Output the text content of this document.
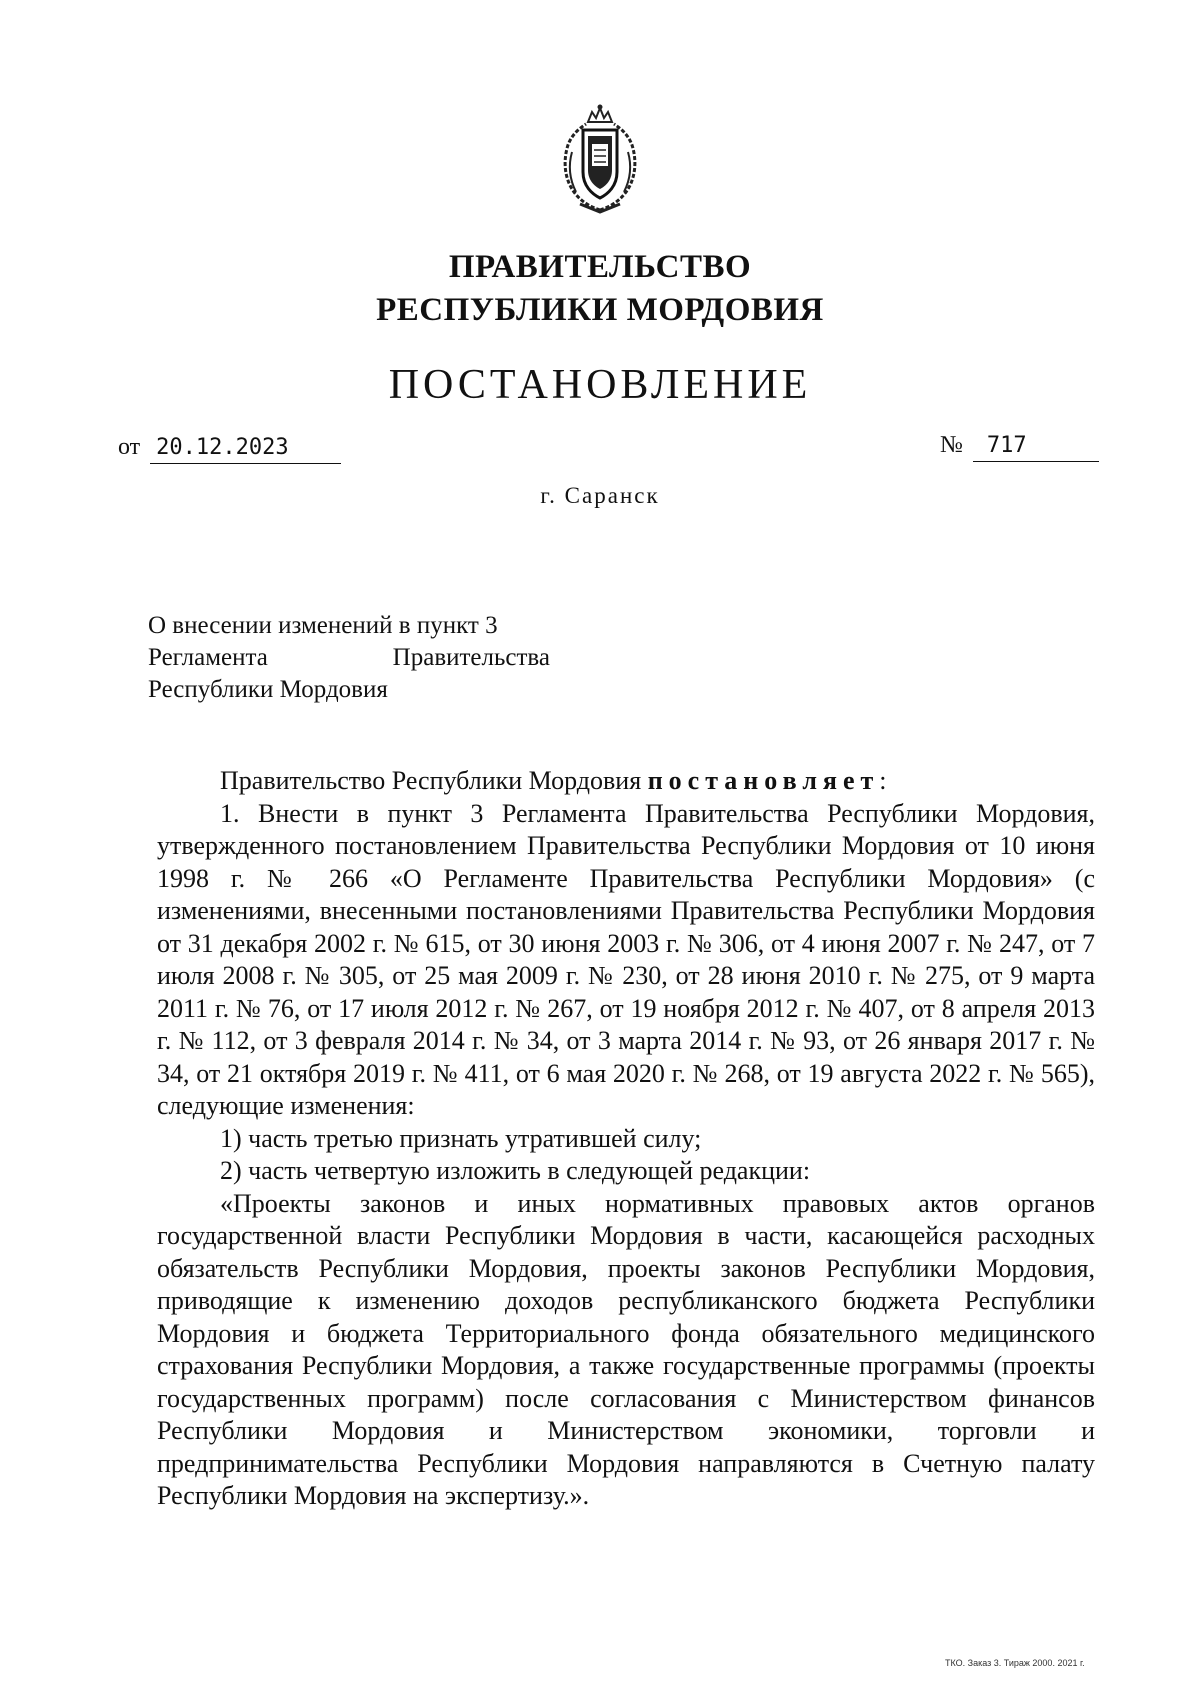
ПРАВИТЕЛЬСТВО
РЕСПУБЛИКИ МОРДОВИЯ
ПОСТАНОВЛЕНИЕ
от 20.12.2023	№ 717
г. Саранск
О внесении изменений в пункт 3
Регламента	Правительства
Республики Мордовия

Правительство Республики Мордовия постановляет:

1. Внести в пункт 3 Регламента Правительства Республики Мордовия, утвержденного постановлением Правительства Республики Мордовия от 10 июня 1998 г. № 266 «О Регламенте Правительства Республики Мордовия» (с изменениями, внесенными постановлениями Правительства Республики Мордовия от 31 декабря 2002 г. № 615, от 30 июня 2003 г. № 306, от 4 июня 2007 г. № 247, от 7 июля 2008 г. № 305, от 25 мая 2009 г. № 230, от 28 июня 2010 г. № 275, от 9 марта 2011 г. № 76, от 17 июля 2012 г. № 267, от 19 ноября 2012 г. № 407, от 8 апреля 2013 г. № 112, от 3 февраля 2014 г. № 34, от 3 марта 2014 г. № 93, от 26 января 2017 г. № 34, от 21 октября 2019 г. № 411, от 6 мая 2020 г. № 268, от 19 августа 2022 г. № 565), следующие изменения:

1) часть третью признать утратившей силу;

2) часть четвертую изложить в следующей редакции:

«Проекты законов и иных нормативных правовых актов органов государственной власти Республики Мордовия в части, касающейся расходных обязательств Республики Мордовия, проекты законов Республики Мордовия, приводящие к изменению доходов республиканского бюджета Республики Мордовия и бюджета Территориального фонда обязательного медицинского страхования Республики Мордовия, а также государственные программы (проекты государственных программ) после согласования с Министерством финансов Республики Мордовия и Министерством экономики, торговли и предпринимательства Республики Мордовия направляются в Счетную палату Республики Мордовия на экспертизу.».

ТКО. Заказ 3. Тираж 2000. 2021 г.
